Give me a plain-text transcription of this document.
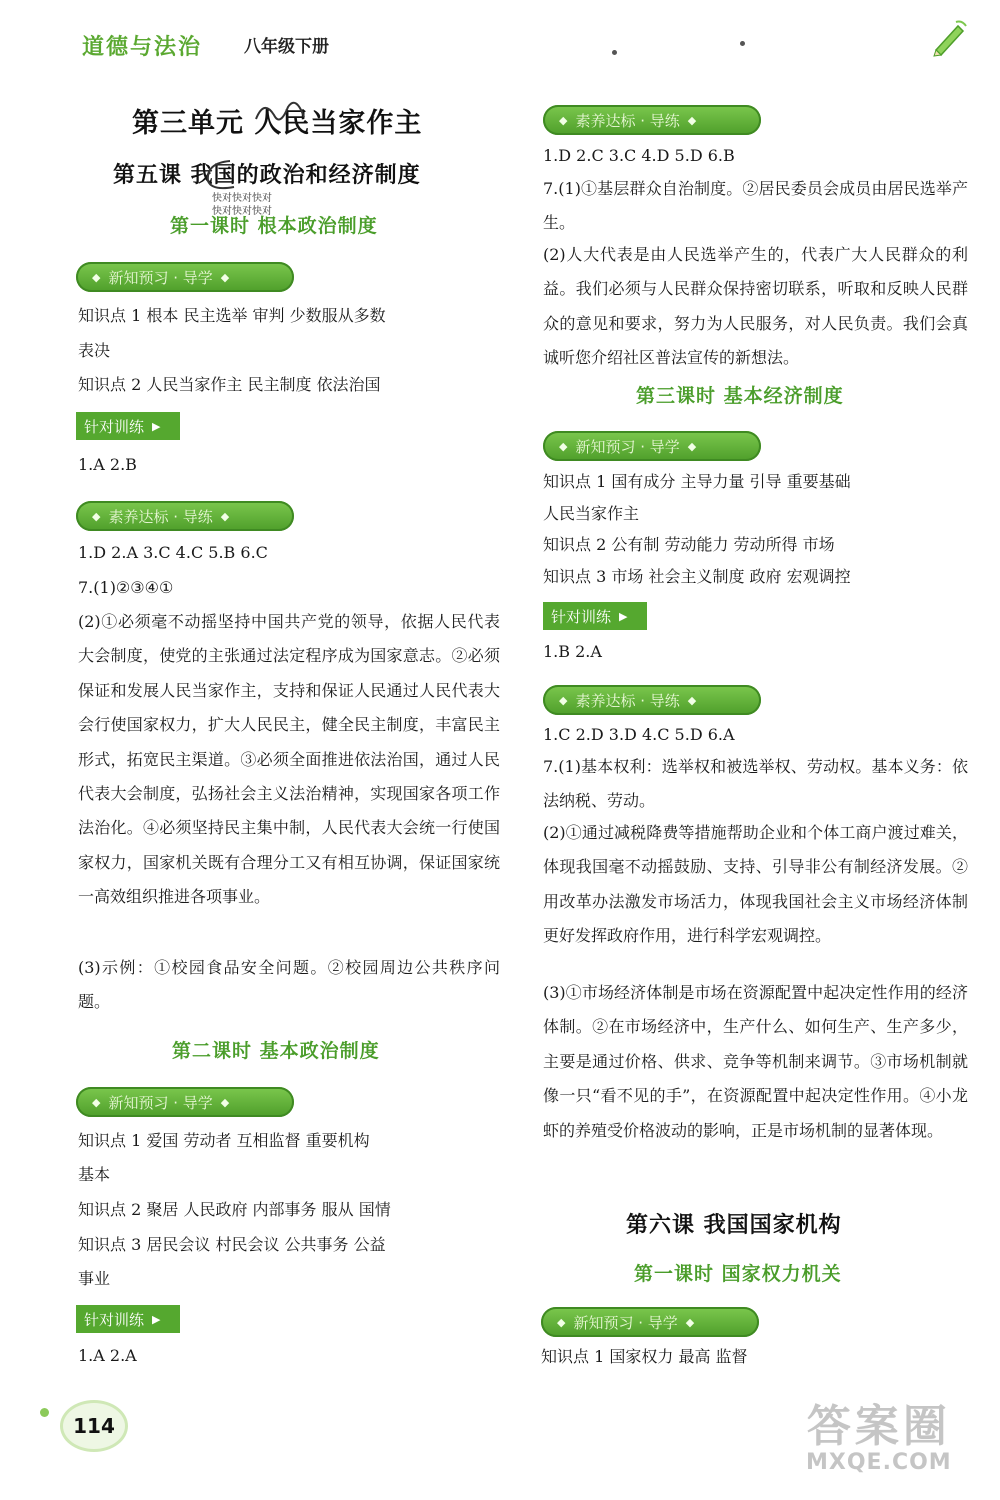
道德与法治 八年级下册
第三单元 人民当家作主
第五课 我国的政治和经济制度
快对快对快对
快对快对快对
第一课时 根本政治制度
◆ 新知预习 · 导学 ◆
知识点 1 根本 民主选举 审判 少数服从多数
表决
知识点 2 人民当家作主 民主制度 依法治国
针对训练 ▶
1.A 2.B
◆ 素养达标 · 导练 ◆
1.D 2.A 3.C 4.C 5.B 6.C
7.(1)②③④①
(2)①必须毫不动摇坚持中国共产党的领导，依据人民代表大会制度，使党的主张通过法定程序成为国家意志。②必须保证和发展人民当家作主，支持和保证人民通过人民代表大会行使国家权力，扩大人民民主，健全民主制度，丰富民主形式，拓宽民主渠道。③必须全面推进依法治国，通过人民代表大会制度，弘扬社会主义法治精神，实现国家各项工作法治化。④必须坚持民主集中制，人民代表大会统一行使国家权力，国家机关既有合理分工又有相互协调，保证国家统一高效组织推进各项事业。
(3)示例：①校园食品安全问题。②校园周边公共秩序问题。
第二课时 基本政治制度
◆ 新知预习 · 导学 ◆
知识点 1 爱国 劳动者 互相监督 重要机构
基本
知识点 2 聚居 人民政府 内部事务 服从 国情
知识点 3 居民会议 村民会议 公共事务 公益
事业
针对训练 ▶
1.A 2.A
◆ 素养达标 · 导练 ◆
1.D 2.C 3.C 4.D 5.D 6.B
7.(1)①基层群众自治制度。②居民委员会成员由居民选举产生。
(2)人大代表是由人民选举产生的，代表广大人民群众的利益。我们必须与人民群众保持密切联系，听取和反映人民群众的意见和要求，努力为人民服务，对人民负责。我们会真诚听您介绍社区普法宣传的新想法。
第三课时 基本经济制度
◆ 新知预习 · 导学 ◆
知识点 1 国有成分 主导力量 引导 重要基础
人民当家作主
知识点 2 公有制 劳动能力 劳动所得 市场
知识点 3 市场 社会主义制度 政府 宏观调控
针对训练 ▶
1.B 2.A
◆ 素养达标 · 导练 ◆
1.C 2.D 3.D 4.C 5.D 6.A
7.(1)基本权利：选举权和被选举权、劳动权。基本义务：依法纳税、劳动。
(2)①通过减税降费等措施帮助企业和个体工商户渡过难关，体现我国毫不动摇鼓励、支持、引导非公有制经济发展。②用改革办法激发市场活力，体现我国社会主义市场经济体制更好发挥政府作用，进行科学宏观调控。
(3)①市场经济体制是市场在资源配置中起决定性作用的经济体制。②在市场经济中，生产什么、如何生产、生产多少，主要是通过价格、供求、竞争等机制来调节。③市场机制就像一只“看不见的手”，在资源配置中起决定性作用。④小龙虾的养殖受价格波动的影响，正是市场机制的显著体现。
第六课 我国国家机构
第一课时 国家权力机关
◆ 新知预习 · 导学 ◆
知识点 1 国家权力 最高 监督
114	答案圈
MXQE.COM
